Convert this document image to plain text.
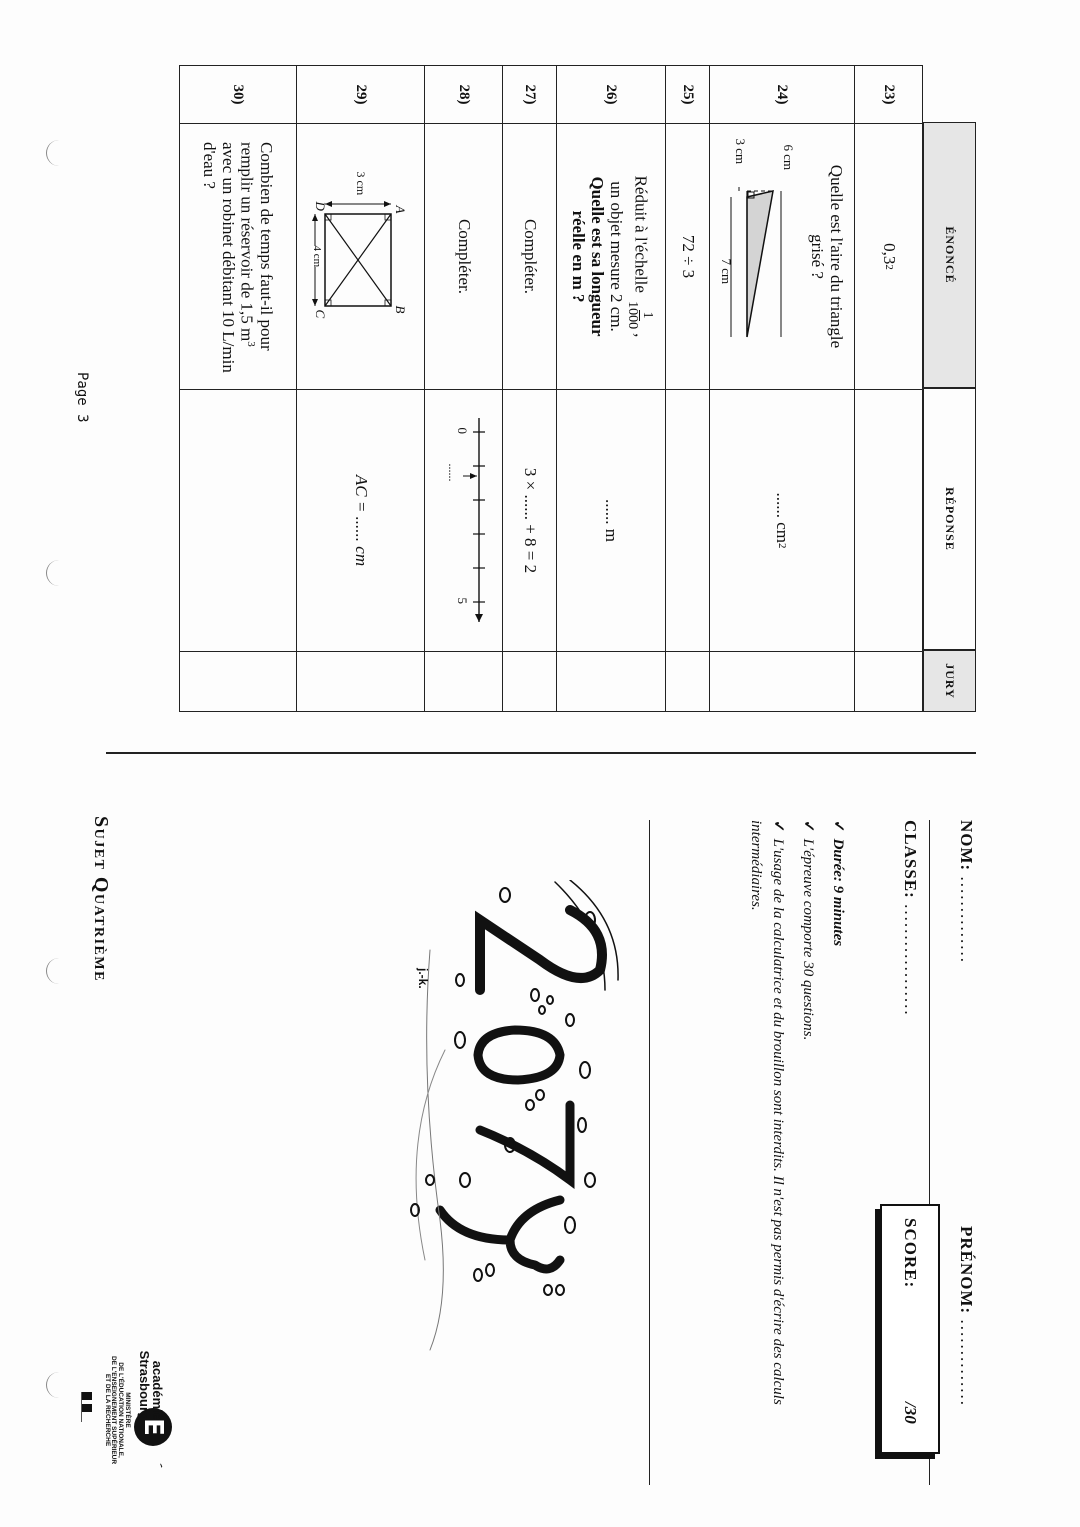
ÉNONCÉ
RÉPONSE
JURY
23)
0,3
2
24)
Quelle est l'aire du triangle grisé ?
6 cm
3 cm
7 cm
...... cm
2
25)
72 ÷ 3
26)
Réduit à l'échelle
1
1000
,
un objet mesure 2 cm.
Quelle est sa longueur réelle en m ?
...... m
27)
Compléter.
3 × ...... + 8 = 2
28)
Compléter.
0
5
......
29)
3 cm
4 cm
A
B
C
D
AC = ...... cm
30)
Combien de temps faut-il pour remplir un réservoir de 1,5 $m^3$ avec un robinet débitant 10 L/min d'eau ?
Page 3
NOM: ..............
PRÉNOM: ..............
CLASSE: ..................
SCORE:
/30
✓Durée: 9 minutes
✓L'épreuve comporte 30 questions.
✓L'usage de la calculatrice et du brouillon sont interdits. Il n'est pas permis d'écrire des calculs intermédiaires.
j.-k.
Sujet Quatrième
E
´
académie
Strasbourg
MINISTÈRE
DE L'ÉDUCATION NATIONALE,
DE L'ENSEIGNEMENT SUPÉRIEUR
ET DE LA RECHERCHE
